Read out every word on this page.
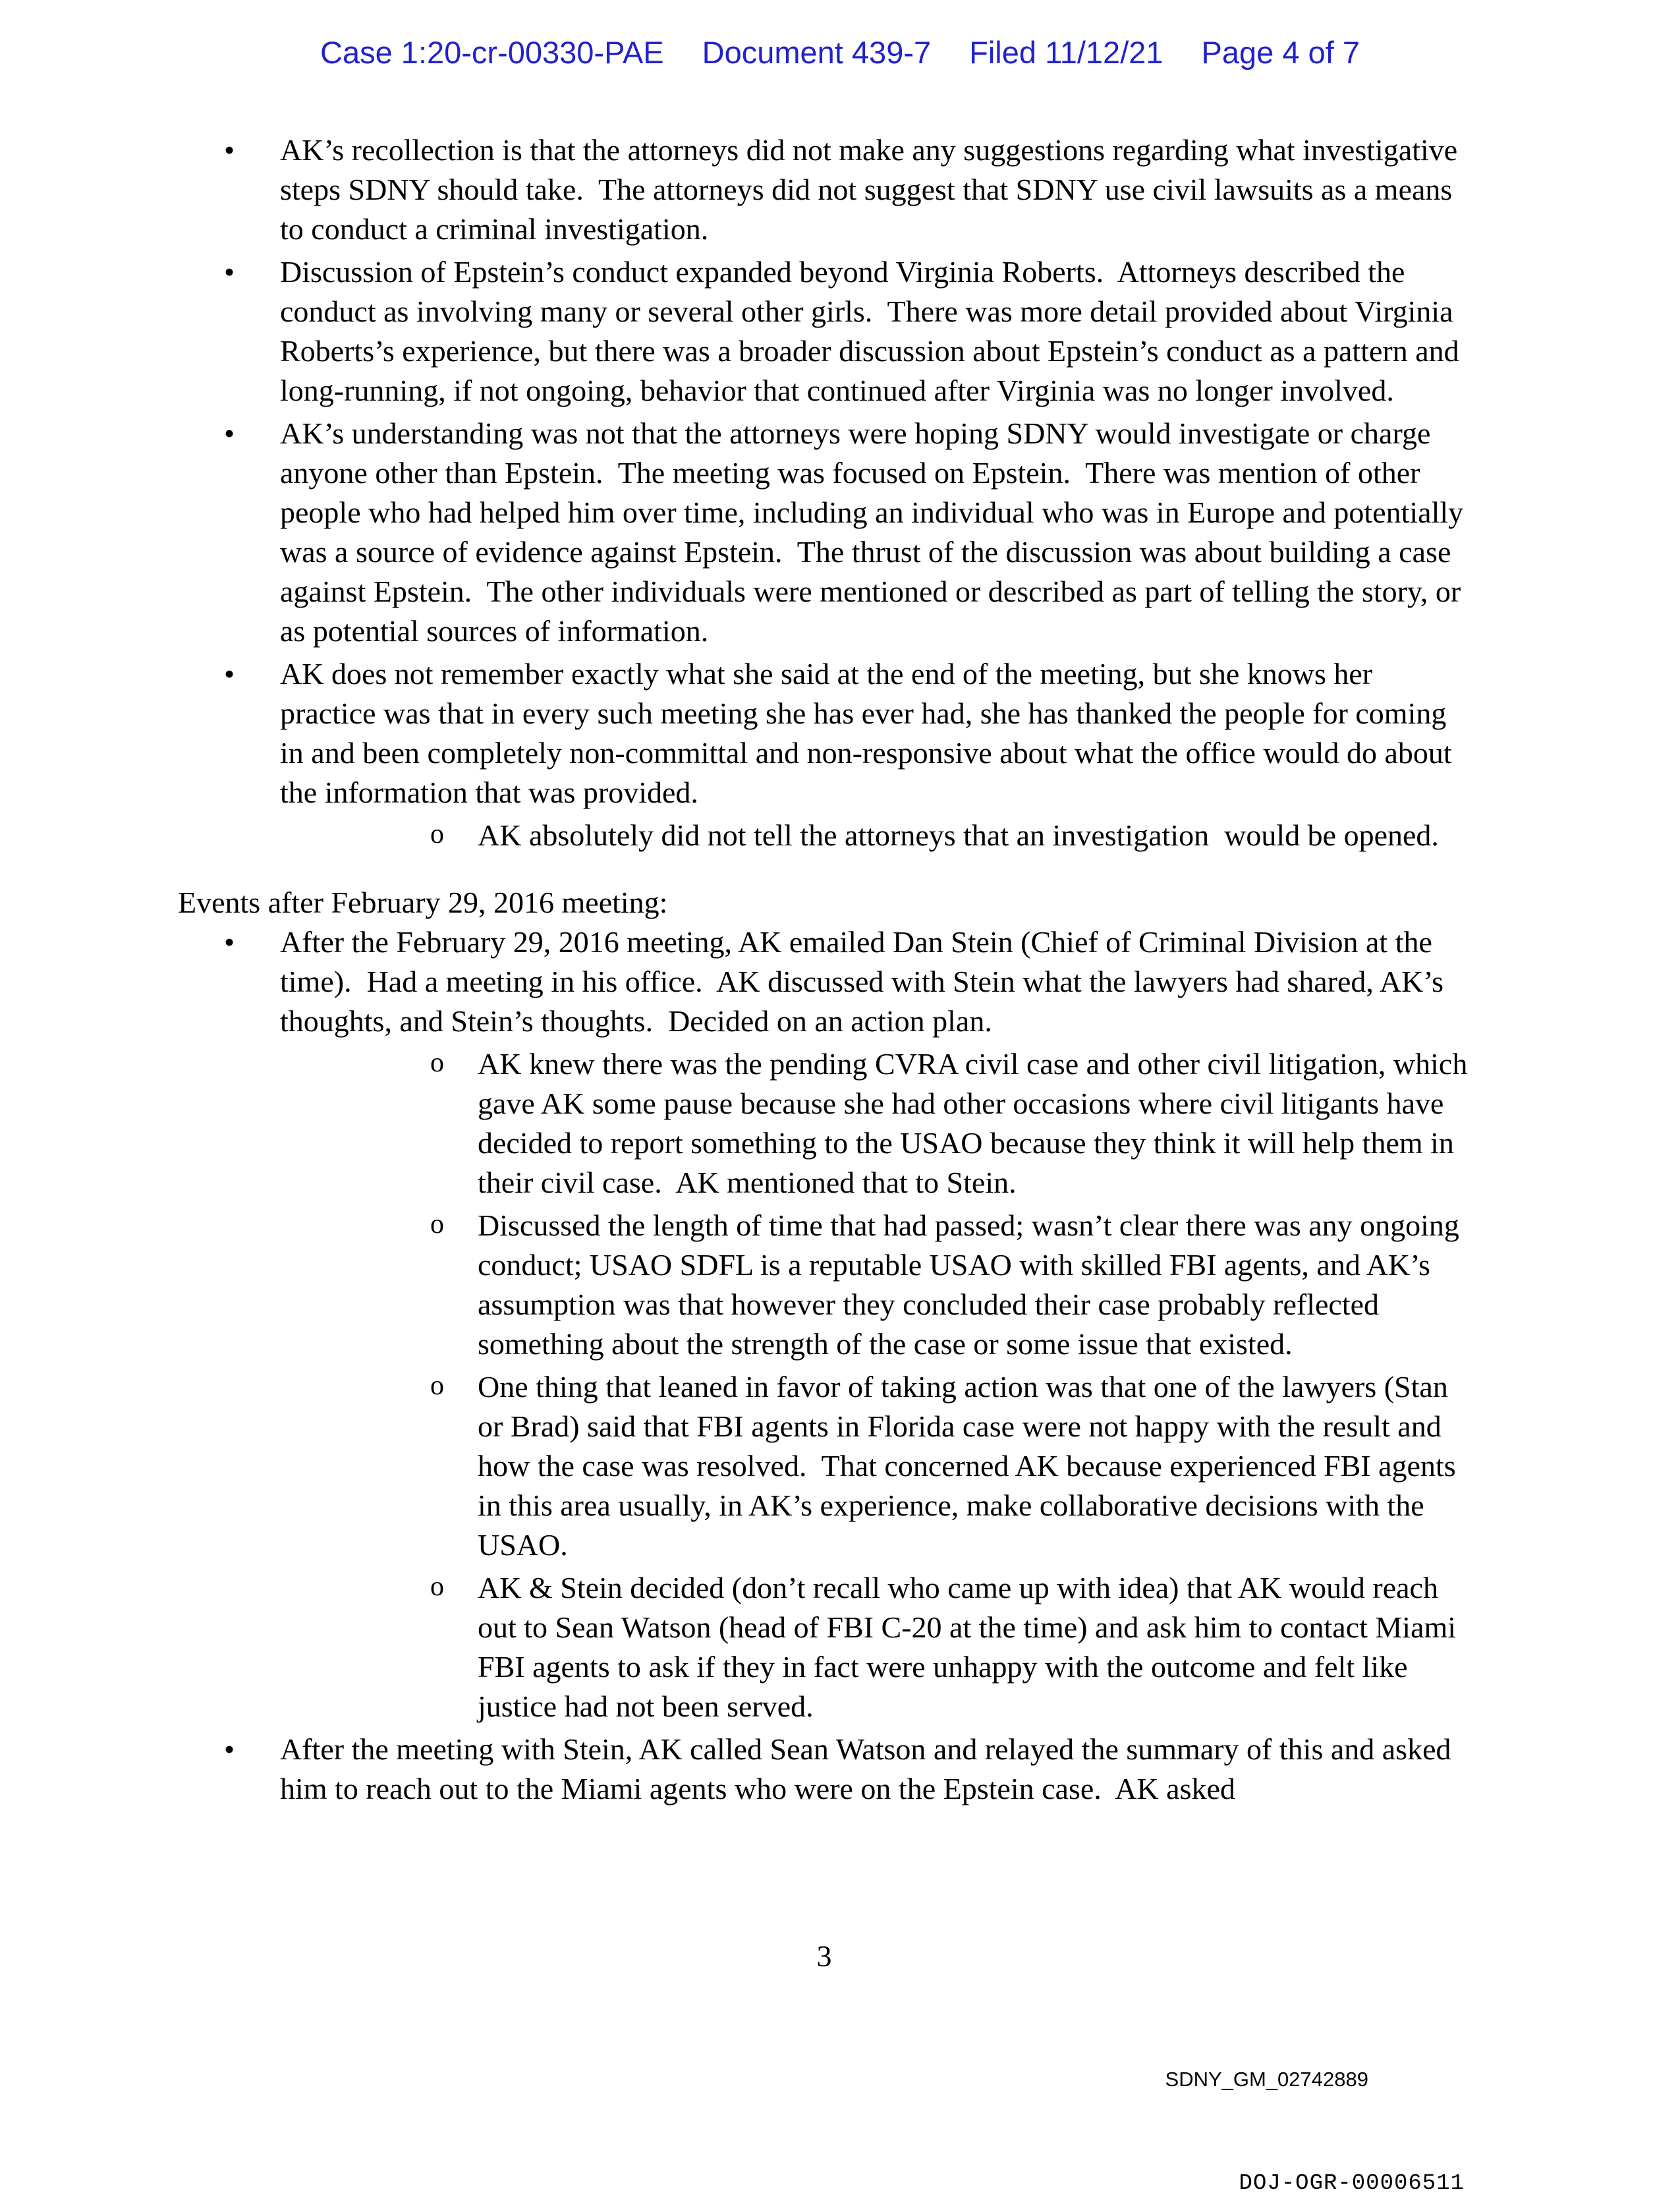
Case 1:20-cr-00330-PAE Document 439-7 Filed 11/12/21 Page 4 of 7
• AK’s recollection is that the attorneys did not make any suggestions regarding what investigative steps SDNY should take.  The attorneys did not suggest that SDNY use civil lawsuits as a means to conduct a criminal investigation.
• Discussion of Epstein’s conduct expanded beyond Virginia Roberts.  Attorneys described the conduct as involving many or several other girls.  There was more detail provided about Virginia Roberts’s experience, but there was a broader discussion about Epstein’s conduct as a pattern and long-running, if not ongoing, behavior that continued after Virginia was no longer involved.
• AK’s understanding was not that the attorneys were hoping SDNY would investigate or charge anyone other than Epstein.  The meeting was focused on Epstein.  There was mention of other people who had helped him over time, including an individual who was in Europe and potentially was a source of evidence against Epstein.  The thrust of the discussion was about building a case against Epstein.  The other individuals were mentioned or described as part of telling the story, or as potential sources of information.
• AK does not remember exactly what she said at the end of the meeting, but she knows her practice was that in every such meeting she has ever had, she has thanked the people for coming in and been completely non-committal and non-responsive about what the office would do about the information that was provided.
o AK absolutely did not tell the attorneys that an investigation  would be opened.

Events after February 29, 2016 meeting:

• After the February 29, 2016 meeting, AK emailed Dan Stein (Chief of Criminal Division at the time).  Had a meeting in his office.  AK discussed with Stein what the lawyers had shared, AK’s thoughts, and Stein’s thoughts.  Decided on an action plan.
o AK knew there was the pending CVRA civil case and other civil litigation, which gave AK some pause because she had other occasions where civil litigants have decided to report something to the USAO because they think it will help them in their civil case.  AK mentioned that to Stein.
o Discussed the length of time that had passed; wasn’t clear there was any ongoing conduct; USAO SDFL is a reputable USAO with skilled FBI agents, and AK’s assumption was that however they concluded their case probably reflected something about the strength of the case or some issue that existed.
o One thing that leaned in favor of taking action was that one of the lawyers (Stan or Brad) said that FBI agents in Florida case were not happy with the result and how the case was resolved.  That concerned AK because experienced FBI agents in this area usually, in AK’s experience, make collaborative decisions with the USAO.
o AK & Stein decided (don’t recall who came up with idea) that AK would reach out to Sean Watson (head of FBI C-20 at the time) and ask him to contact Miami FBI agents to ask if they in fact were unhappy with the outcome and felt like justice had not been served.
• After the meeting with Stein, AK called Sean Watson and relayed the summary of this and asked him to reach out to the Miami agents who were on the Epstein case.  AK asked
3
SDNY_GM_02742889
DOJ-OGR-00006511
